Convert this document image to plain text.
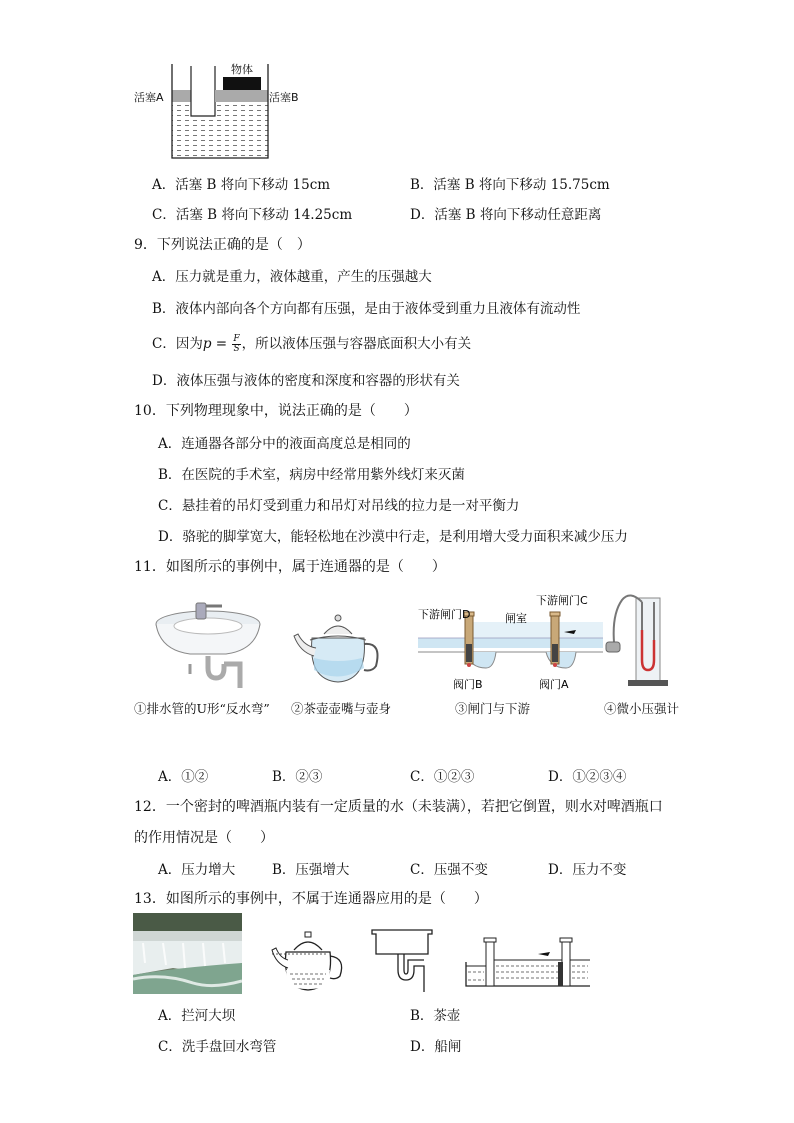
物体
活塞A	活塞B
A．活塞 B 将向下移动 15cm	B．活塞 B 将向下移动 15.75cm
C．活塞 B 将向下移动 14.25cm	D．活塞 B 将向下移动任意距离
9．下列说法正确的是（　）
A．压力就是重力，液体越重，产生的压强越大
B．液体内部向各个方向都有压强，是由于液体受到重力且液体有流动性
C．因为$p = \frac{F}{S}$ ，所以液体压强与容器底面积大小有关
D．液体压强与液体的密度和深度和容器的形状有关
10．下列物理现象中，说法正确的是（　　）
A．连通器各部分中的液面高度总是相同的
B．在医院的手术室，病房中经常用紫外线灯来灭菌
C．悬挂着的吊灯受到重力和吊灯对吊线的拉力是一对平衡力
D．骆驼的脚掌宽大，能轻松地在沙漠中行走，是利用增大受力面积来减少压力
11．如图所示的事例中，属于连通器的是（　　）
①排水管的U形“反水弯” ②茶壶壶嘴与壶身
下游闸门D
下游闸门C
闸室
阀门B	阀门A
③闸门与下游	④微小压强计
A．①②	B．②③	C．①②③	D．①②③④
12．一个密封的啤酒瓶内装有一定质量的水（未装满），若把它倒置，则水对啤酒瓶口
的作用情况是（　　）
A．压力增大	B．压强增大	C．压强不变	D．压力不变
13．如图所示的事例中，不属于连通器应用的是（　　）
A．拦河大坝	B．茶壶
C．洗手盘回水弯管	D．船闸
